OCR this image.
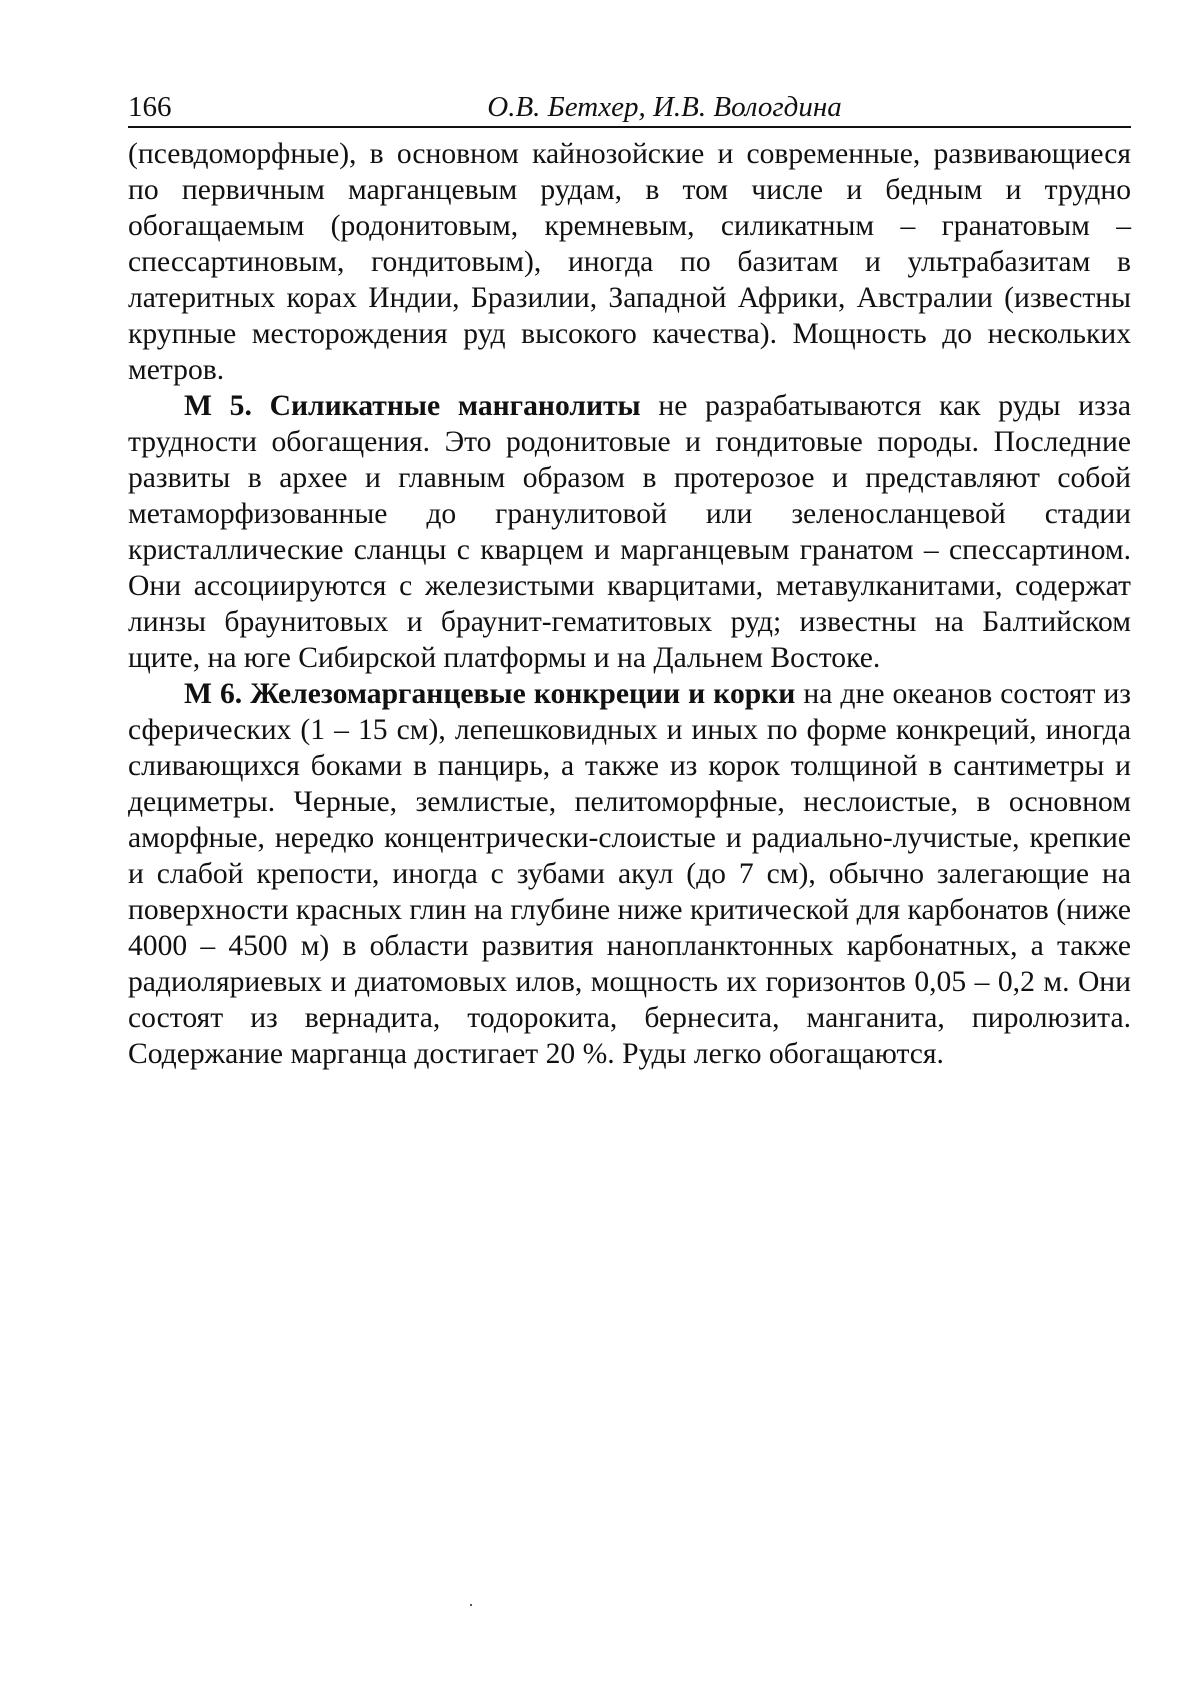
166	О.В. Бетхер, И.В. Вологдина

(псевдоморфные), в основном кайнозойские и современные, развивающиеся по первичным марганцевым рудам, в том числе и бедным и трудно обогащаемым (родонитовым, кремневым, силикатным – гранатовым – спессартиновым, гондитовым), иногда по базитам и ультрабазитам в латеритных корах Индии, Бразилии, Западной Африки, Австралии (известны крупные месторождения руд высокого качества). Мощность до нескольких метров.

М 5. Силикатные манганолиты не разрабатываются как руды изза трудности обогащения. Это родонитовые и гондитовые породы. Последние развиты в архее и главным образом в протерозое и представляют собой метаморфизованные до гранулитовой или зеленосланцевой стадии кристаллические сланцы с кварцем и марганцевым гранатом – спессартином. Они ассоциируются с железистыми кварцитами, метавулканитами, содержат линзы браунитовых и браунит-гематитовых руд; известны на Балтийском щите, на юге Сибирской платформы и на Дальнем Востоке.

М 6. Железомарганцевые конкреции и корки на дне океанов состоят из сферических (1 – 15 см), лепешковидных и иных по форме конкреций, иногда сливающихся боками в панцирь, а также из корок толщиной в сантиметры и дециметры. Черные, землистые, пелитоморфные, неслоистые, в основном аморфные, нередко концентрически-слоистые и радиально-лучистые, крепкие и слабой крепости, иногда с зубами акул (до 7 см), обычно залегающие на поверхности красных глин на глубине ниже критической для карбонатов (ниже 4000 – 4500 м) в области развития нанопланктонных карбонатных, а также радиоляриевых и диатомовых илов, мощность их горизонтов 0,05 – 0,2 м. Они состоят из вернадита, тодорокита, бернесита, манганита, пиролюзита. Содержание марганца достигает 20 %. Руды легко обогащаются.
